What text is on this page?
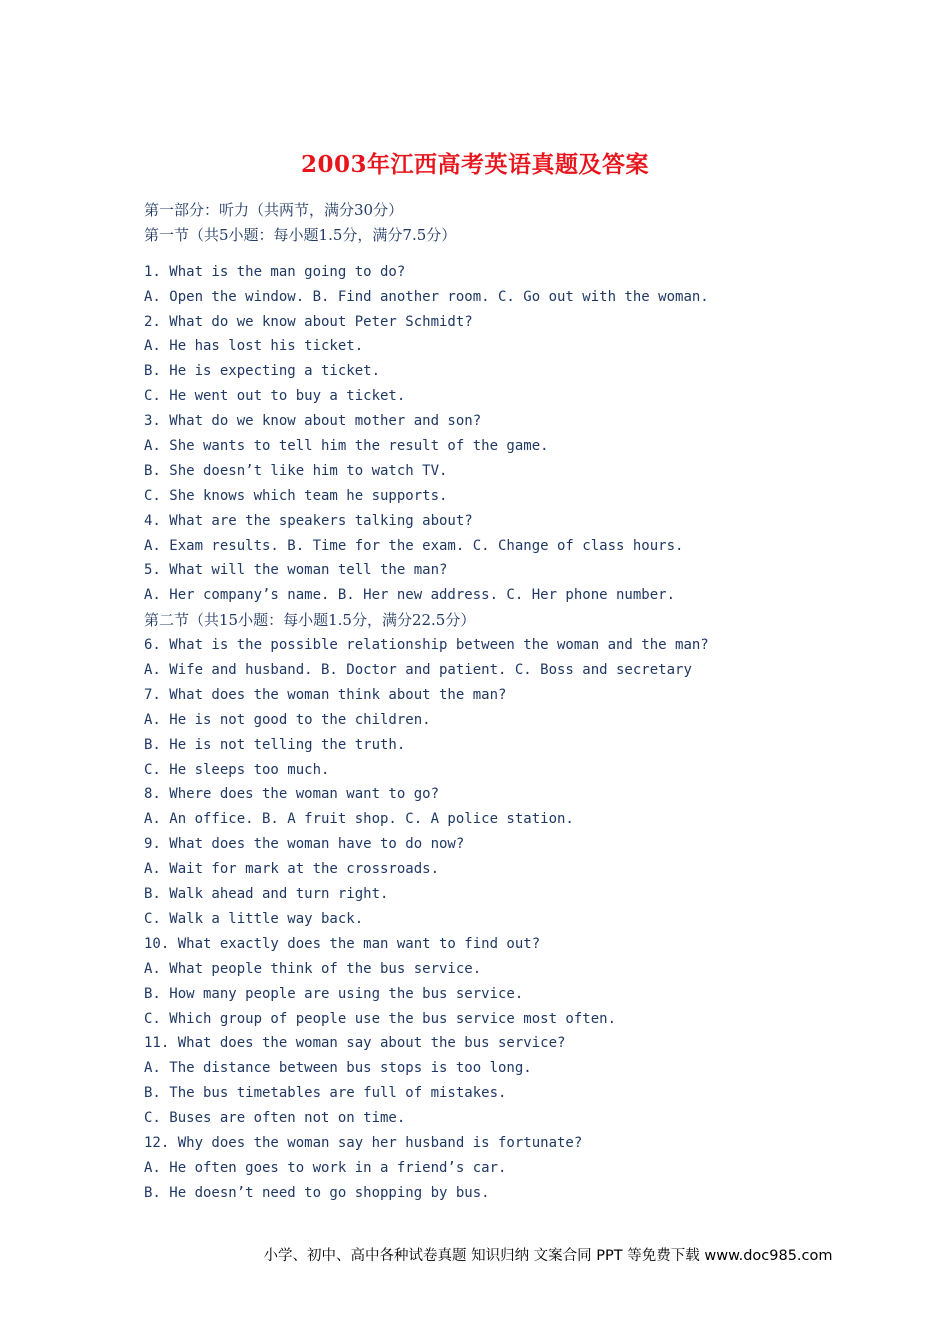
2003年江西高考英语真题及答案
第一部分：听力（共两节，满分30分）
第一节（共5小题：每小题1.5分，满分7.5分）
1. What is the man going to do?
A. Open the window. B. Find another room. C. Go out with the woman.
2. What do we know about Peter Schmidt?
A. He has lost his ticket.
B. He is expecting a ticket.
C. He went out to buy a ticket.
3. What do we know about mother and son?
A. She wants to tell him the result of the game.
B. She doesn’t like him to watch TV.
C. She knows which team he supports.
4. What are the speakers talking about?
A. Exam results. B. Time for the exam. C. Change of class hours.
5. What will the woman tell the man?
A. Her company’s name. B. Her new address. C. Her phone number.
第二节（共15小题：每小题1.5分，满分22.5分）
6. What is the possible relationship between the woman and the man?
A. Wife and husband. B. Doctor and patient. C. Boss and secretary
7. What does the woman think about the man?
A. He is not good to the children.
B. He is not telling the truth.
C. He sleeps too much.
8. Where does the woman want to go?
A. An office. B. A fruit shop. C. A police station.
9. What does the woman have to do now?
A. Wait for mark at the crossroads.
B. Walk ahead and turn right.
C. Walk a little way back.
10. What exactly does the man want to find out?
A. What people think of the bus service.
B. How many people are using the bus service.
C. Which group of people use the bus service most often.
11. What does the woman say about the bus service?
A. The distance between bus stops is too long.
B. The bus timetables are full of mistakes.
C. Buses are often not on time.
12. Why does the woman say her husband is fortunate?
A. He often goes to work in a friend’s car.
B. He doesn’t need to go shopping by bus.
小学、初中、高中各种试卷真题 知识归纳 文案合同 PPT 等免费下载 www.doc985.com
